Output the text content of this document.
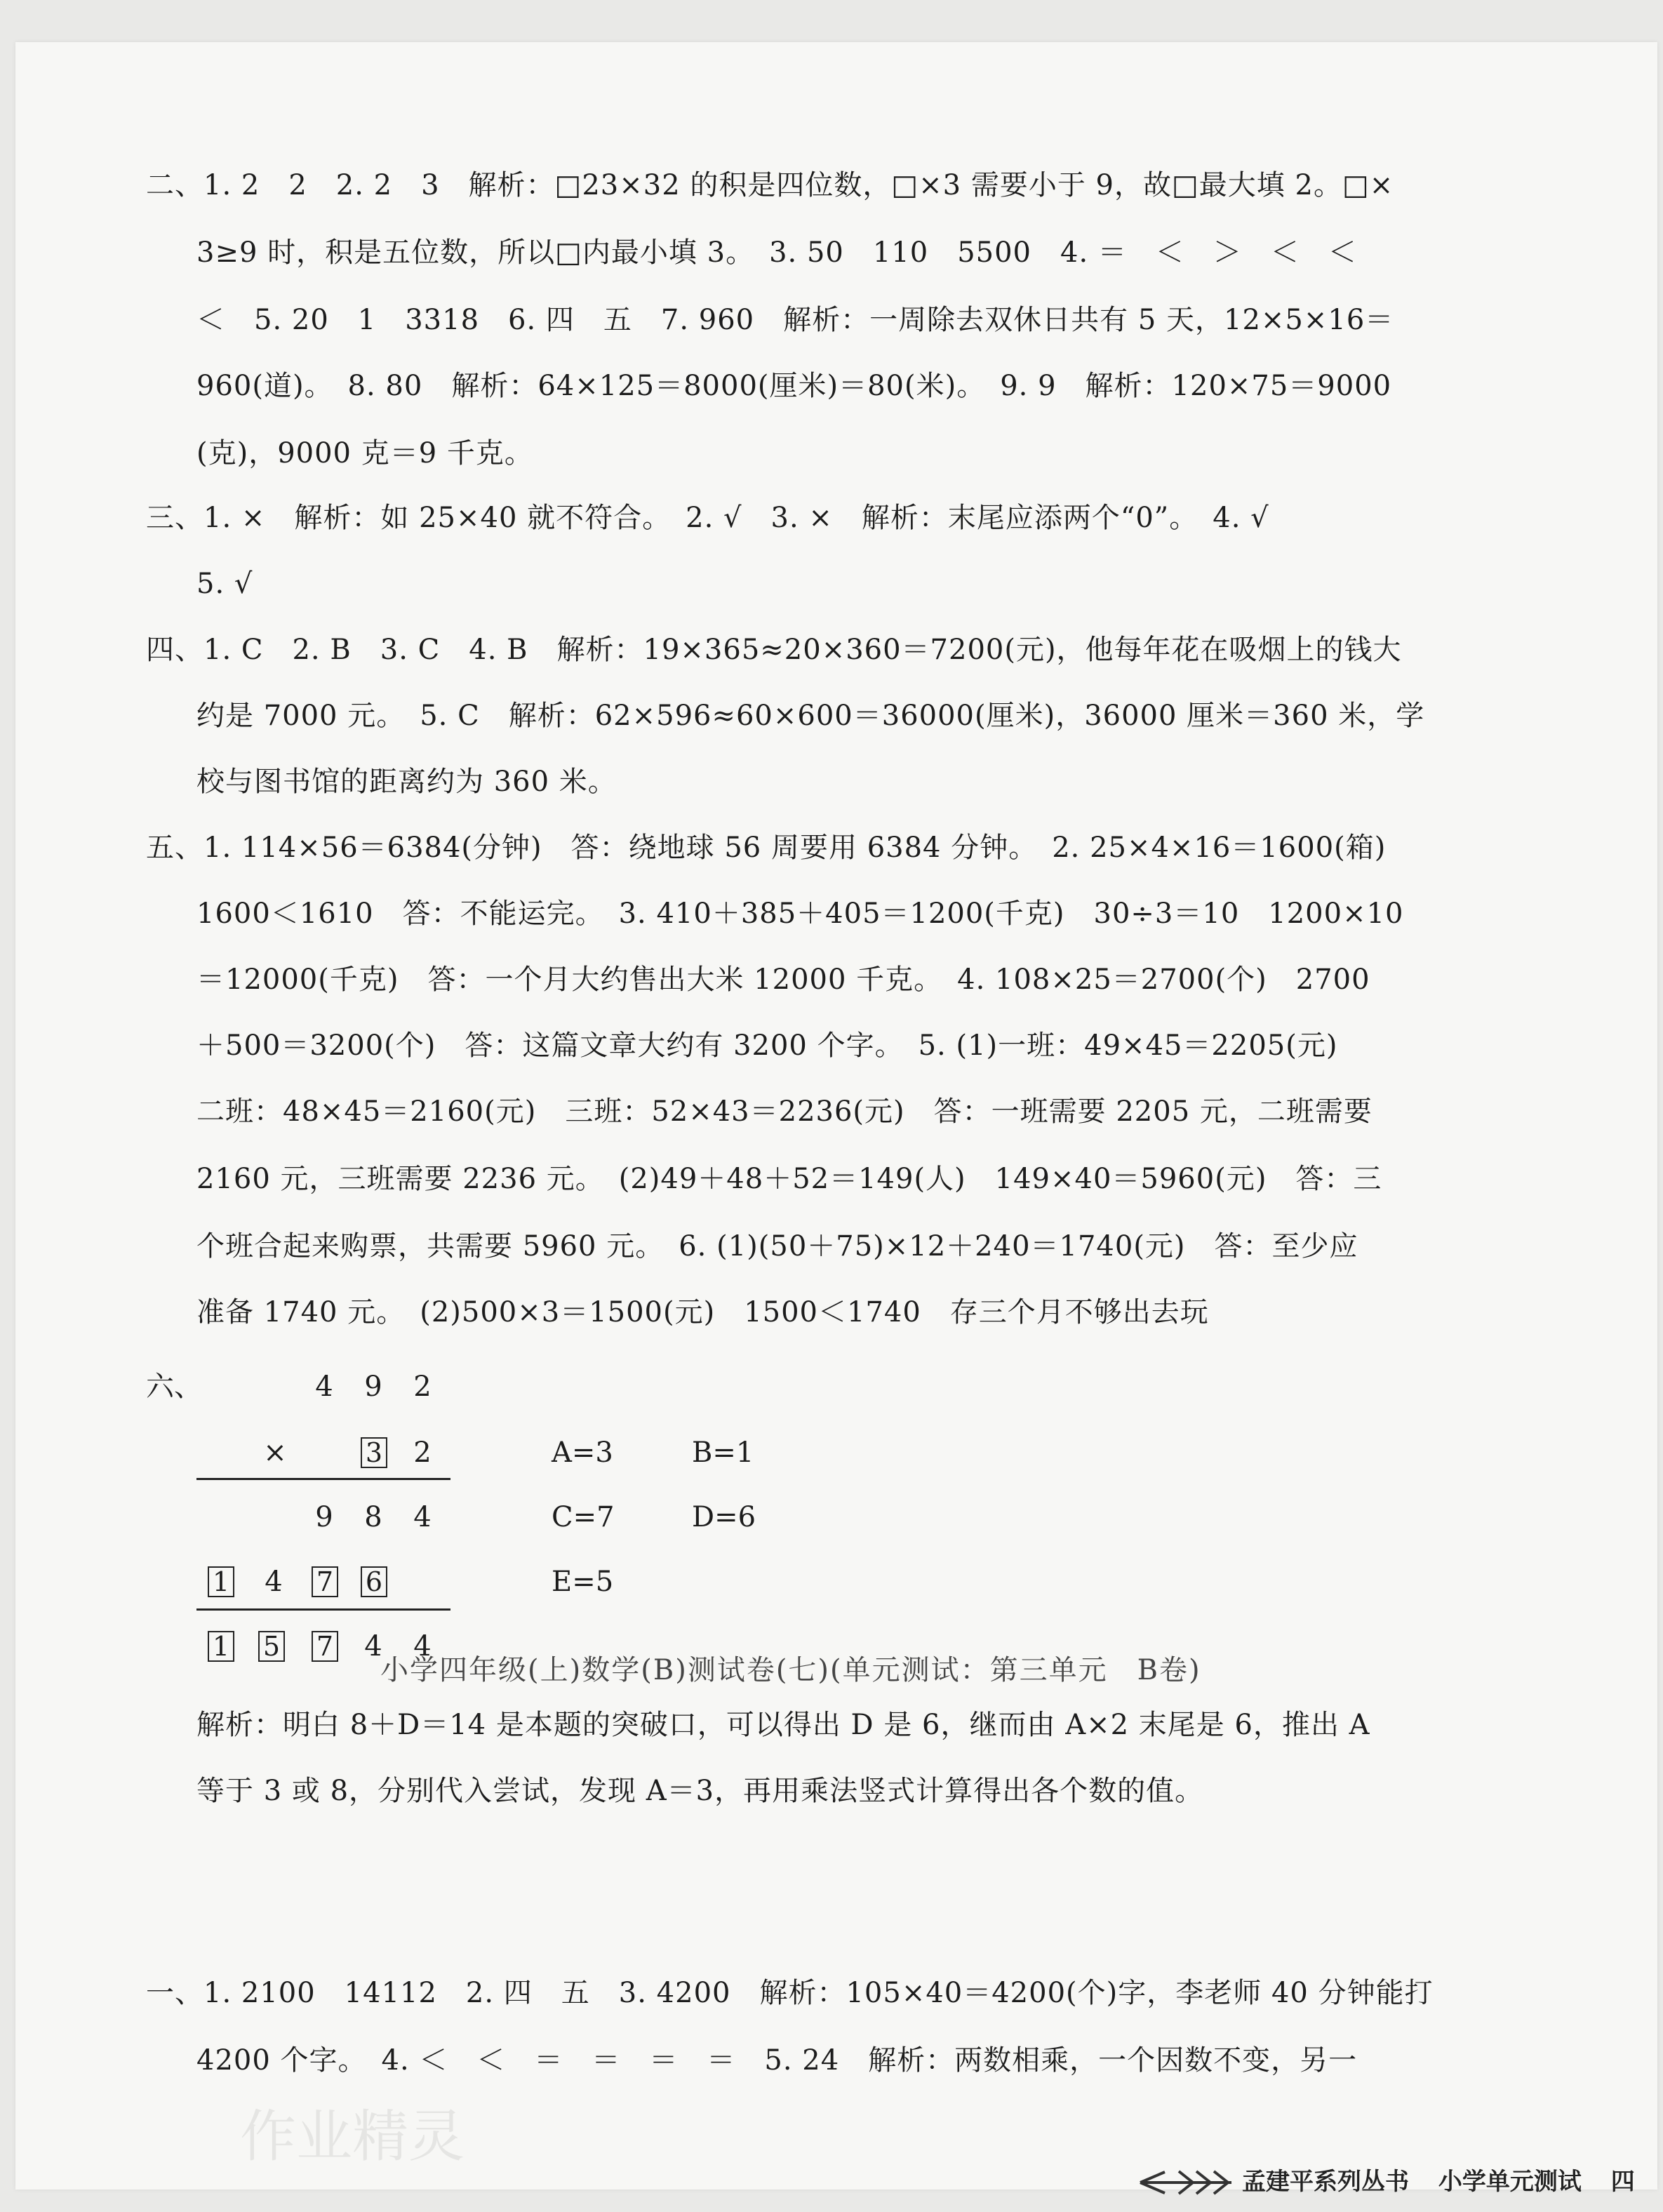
二、1. 2　2　2. 2　3　解析：□23×32 的积是四位数，□×3 需要小于 9，故□最大填 2。□×
3≥9 时，积是五位数，所以□内最小填 3。　3. 50　110　5500　4. ＝　＜　＞　＜　＜
＜　5. 20　1　3318　6. 四　五　7. 960　解析：一周除去双休日共有 5 天，12×5×16＝
960(道)。　8. 80　解析：64×125＝8000(厘米)＝80(米)。　9. 9　解析：120×75＝9000
(克)，9000 克＝9 千克。
三、1. ×　解析：如 25×40 就不符合。　2. √　3. ×　解析：末尾应添两个“0”。　4. √
5. √
四、1. C　2. B　3. C　4. B　解析：19×365≈20×360＝7200(元)，他每年花在吸烟上的钱大
约是 7000 元。　5. C　解析：62×596≈60×600＝36000(厘米)，36000 厘米＝360 米，学
校与图书馆的距离约为 360 米。
五、1. 114×56＝6384(分钟)　答：绕地球 56 周要用 6384 分钟。　2. 25×4×16＝1600(箱)
1600＜1610　答：不能运完。　3. 410＋385＋405＝1200(千克)　30÷3＝10　1200×10
＝12000(千克)　答：一个月大约售出大米 12000 千克。　4. 108×25＝2700(个)　2700
＋500＝3200(个)　答：这篇文章大约有 3200 个字。　5. (1)一班：49×45＝2205(元)
二班：48×45＝2160(元)　三班：52×43＝2236(元)　答：一班需要 2205 元，二班需要
2160 元，三班需要 2236 元。　(2)49＋48＋52＝149(人)　149×40＝5960(元)　答：三
个班合起来购票，共需要 5960 元。　6. (1)(50＋75)×12＋240＝1740(元)　答：至少应
准备 1740 元。　(2)500×3＝1500(元)　1500＜1740　存三个月不够出去玩
六、	4 9 2
×	3 2
9 8 4
1 4 7 6
1 5 7 4 4
A=3	B=1
C=7	D=6
E=5
解析：明白 8＋D＝14 是本题的突破口，可以得出 D 是 6，继而由 A×2 末尾是 6，推出 A
等于 3 或 8，分别代入尝试，发现 A＝3，再用乘法竖式计算得出各个数的值。
小学四年级(上)数学(B)测试卷(七)(单元测试：第三单元　B卷)
一、1. 2100　14112　2. 四　五　3. 4200　解析：105×40＝4200(个)字，李老师 40 分钟能打
4200 个字。　4. ＜　＜　＝　＝　＝　＝　5. 24　解析：两数相乘，一个因数不变，另一
作业精灵
孟建平系列丛书 小学单元测试 四
